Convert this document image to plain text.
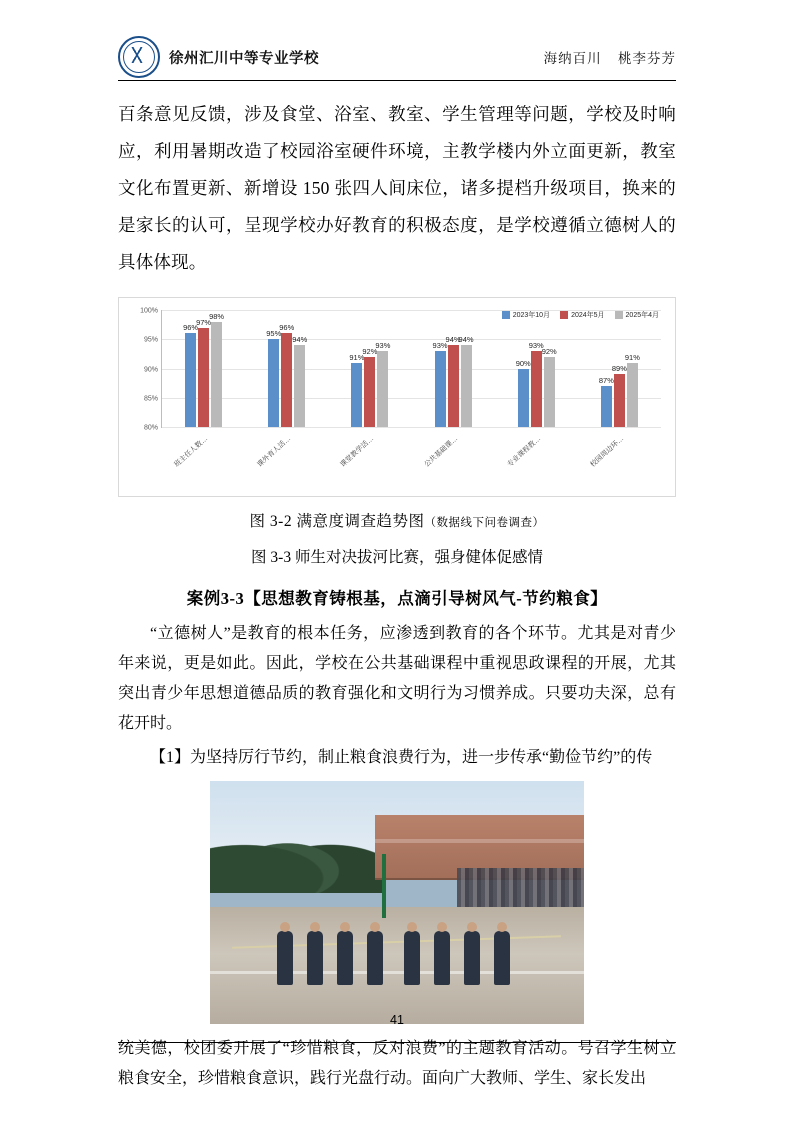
徐州汇川中等专业学校	海纳百川 桃李芬芳

百条意见反馈，涉及食堂、浴室、教室、学生管理等问题，学校及时响应，利用暑期改造了校园浴室硬件环境，主教学楼内外立面更新，教室文化布置更新、新增设 150 张四人间床位，诸多提档升级项目，换来的是家长的认可，呈现学校办好教育的积极态度，是学校遵循立德树人的具体体现。

2023年10月	2024年5月	2025年4月
100%
95%
90%
85%
80%
96%
97%
98%
95%
96%
94%
91%
92%
93%	93%
94%
94%
90%
93%
92%
87%
89%
91%
班主任人数…	课外育人活…	课堂教学活…	公共基础课…	专业课程教…	校园周边环…
图 3-2 满意度调查趋势图（数据线下问卷调查）
图 3-3 师生对决拔河比赛，强身健体促感情
案例3-3【思想教育铸根基，点滴引导树风气-节约粮食】

“立德树人”是教育的根本任务，应渗透到教育的各个环节。尤其是对青少年来说，更是如此。因此，学校在公共基础课程中重视思政课程的开展，尤其突出青少年思想道德品质的教育强化和文明行为习惯养成。只要功夫深，总有花开时。

【1】为坚持厉行节约，制止粮食浪费行为，进一步传承“勤俭节约”的传

统美德，校团委开展了“珍惜粮食，反对浪费”的主题教育活动。号召学生树立粮食安全，珍惜粮食意识，践行光盘行动。面向广大教师、学生、家长发出

41
